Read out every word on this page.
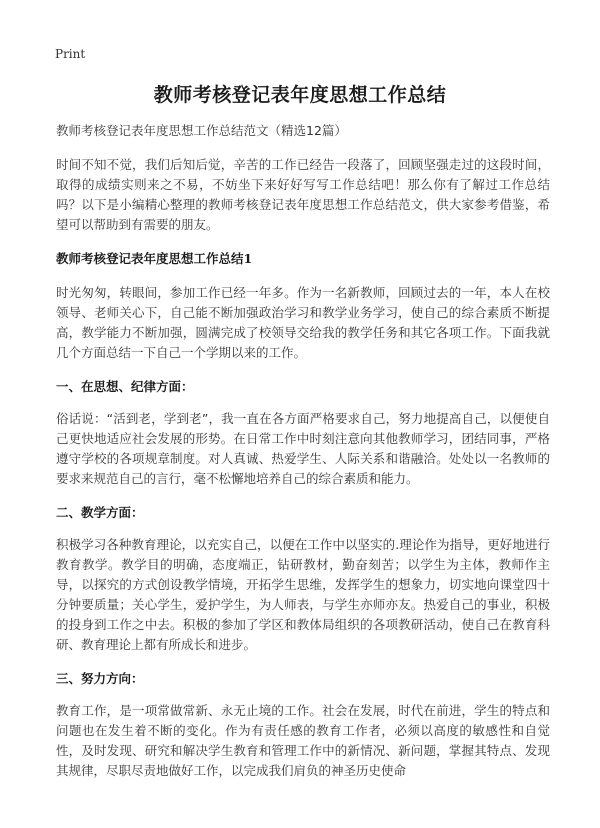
Print
教师考核登记表年度思想工作总结

教师考核登记表年度思想工作总结范文（精选12篇）

时间不知不觉，我们后知后觉，辛苦的工作已经告一段落了，回顾坚强走过的这段时间，取得的成绩实则来之不易，不妨坐下来好好写写工作总结吧！那么你有了解过工作总结吗？以下是小编精心整理的教师考核登记表年度思想工作总结范文，供大家参考借鉴，希望可以帮助到有需要的朋友。

教师考核登记表年度思想工作总结1

时光匆匆，转眼间，参加工作已经一年多。作为一名新教师，回顾过去的一年，本人在校领导、老师关心下，自己能不断加强政治学习和教学业务学习，使自己的综合素质不断提高，教学能力不断加强，圆满完成了校领导交给我的教学任务和其它各项工作。下面我就几个方面总结一下自己一个学期以来的工作。

一、在思想、纪律方面：

俗话说：“活到老，学到老”，我一直在各方面严格要求自己，努力地提高自己，以便使自己更快地适应社会发展的形势。在日常工作中时刻注意向其他教师学习，团结同事，严格遵守学校的各项规章制度。对人真诚、热爱学生、人际关系和谐融洽。处处以一名教师的要求来规范自己的言行，毫不松懈地培养自己的综合素质和能力。

二、教学方面：

积极学习各种教育理论，以充实自己，以便在工作中以坚实的.理论作为指导，更好地进行教育教学。教学目的明确，态度端正，钻研教材，勤奋刻苦；以学生为主体，教师作主导，以探究的方式创设教学情境，开拓学生思维，发挥学生的想象力，切实地向课堂四十分钟要质量；关心学生，爱护学生，为人师表，与学生亦师亦友。热爱自己的事业，积极的投身到工作之中去。积极的参加了学区和教体局组织的各项教研活动，使自己在教育科研、教育理论上都有所成长和进步。

三、努力方向：

教育工作，是一项常做常新、永无止境的工作。社会在发展，时代在前进，学生的特点和问题也在发生着不断的变化。作为有责任感的教育工作者，必须以高度的敏感性和自觉性，及时发现、研究和解决学生教育和管理工作中的新情况、新问题，掌握其特点、发现其规律，尽职尽责地做好工作，以完成我们肩负的神圣历史使命
